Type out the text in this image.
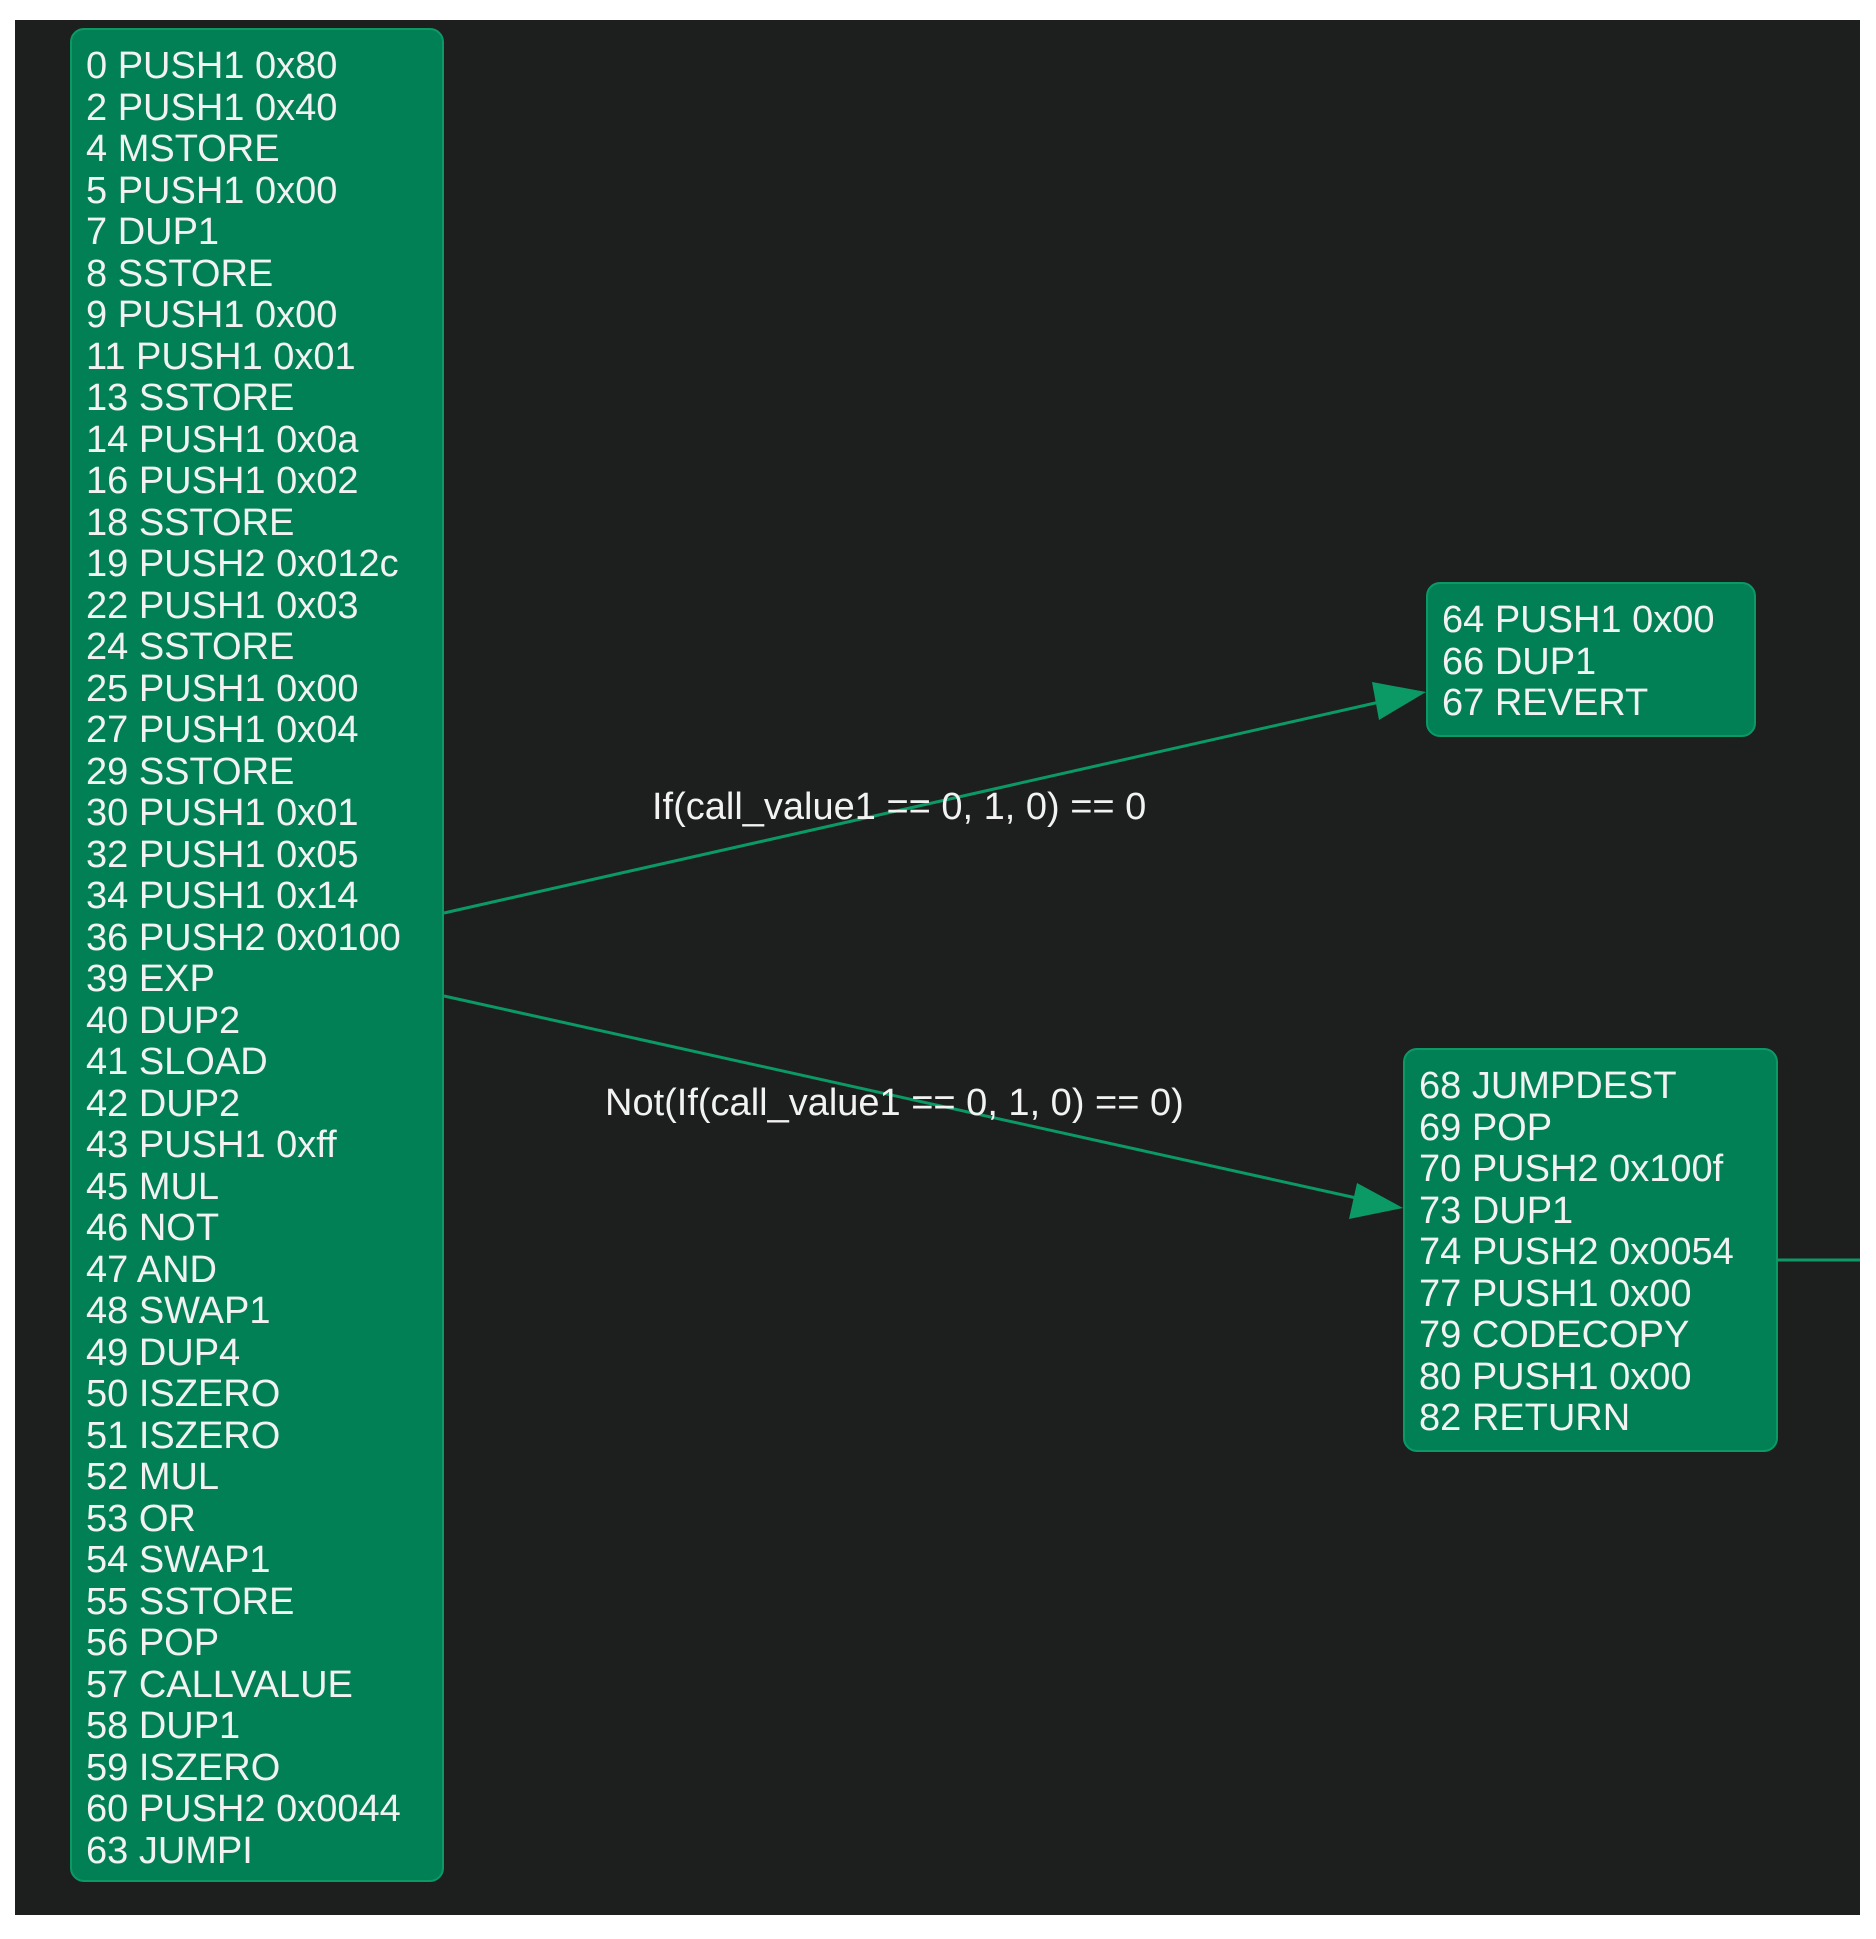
If(call_value1 == 0, 1, 0) == 0
Not(If(call_value1 == 0, 1, 0) == 0)
0 PUSH1 0x80
2 PUSH1 0x40
4 MSTORE
5 PUSH1 0x00
7 DUP1
8 SSTORE
9 PUSH1 0x00
11 PUSH1 0x01
13 SSTORE
14 PUSH1 0x0a
16 PUSH1 0x02
18 SSTORE
19 PUSH2 0x012c
22 PUSH1 0x03
24 SSTORE
25 PUSH1 0x00
27 PUSH1 0x04
29 SSTORE
30 PUSH1 0x01
32 PUSH1 0x05
34 PUSH1 0x14
36 PUSH2 0x0100
39 EXP
40 DUP2
41 SLOAD
42 DUP2
43 PUSH1 0xff
45 MUL
46 NOT
47 AND
48 SWAP1
49 DUP4
50 ISZERO
51 ISZERO
52 MUL
53 OR
54 SWAP1
55 SSTORE
56 POP
57 CALLVALUE
58 DUP1
59 ISZERO
60 PUSH2 0x0044
63 JUMPI
64 PUSH1 0x00
66 DUP1
67 REVERT
68 JUMPDEST
69 POP
70 PUSH2 0x100f
73 DUP1
74 PUSH2 0x0054
77 PUSH1 0x00
79 CODECOPY
80 PUSH1 0x00
82 RETURN
